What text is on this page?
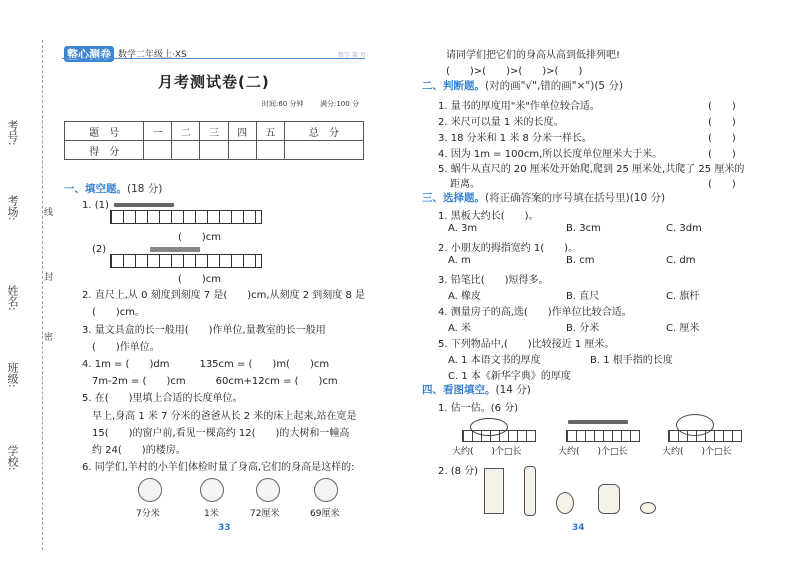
考号:
考场:
姓名:
班级:
学校:
线
封
密
整心测卷 数学二年级上·XS	数学 第 页
月考测试卷(二)
时间:60 分钟 满分:100 分
题　号	一	二	三	四	五	总　分
得　分						
一、填空题。(18 分)
1. (1)
(　　)cm
(2)
(　　)cm
2. 直尺上,从 0 刻度到刻度 7 是(　　)cm,从刻度 2 到刻度 8 是
(　　)cm。
3. 量文具盒的长一般用(　　)作单位,量教室的长一般用
(　　)作单位。
4. 1m = (　　)dm　　　135cm = (　　)m(　　)cm
7m-2m = (　　)cm　　　60cm+12cm = (　　)cm
5. 在(　　)里填上合适的长度单位。
早上,身高 1 米 7 分米的爸爸从长 2 米的床上起来,站在宽是
15(　　)的窗户前,看见一棵高约 12(　　)的大树和一幢高
约 24(　　)的楼房。
6. 同学们,羊村的小羊们体检时量了身高,它们的身高是这样的:
7分米	1米	72厘米	69厘米
33
请同学们把它们的身高从高到低排列吧!
(　　)>(　　)>(　　)>(　　)
二、判断题。(对的画"√",错的画"×")(5 分)
1. 量书的厚度用"米"作单位较合适。	(　　)
2. 米尺可以量 1 米的长度。	(　　)
3. 18 分米和 1 米 8 分米一样长。	(　　)
4. 因为 1m = 100cm,所以长度单位厘米大于米。	(　　)
5. 蜗牛从直尺的 20 厘米处开始爬,爬到 25 厘米处,共爬了 25 厘米的
距离。	(　　)
三、选择题。(将正确答案的序号填在括号里)(10 分)
1. 黑板大约长(　　)。
A. 3m	B. 3cm	C. 3dm
2. 小朋友的拇指宽约 1(　　)。
A. m	B. cm	C. dm
3. 铅笔比(　　)短得多。
A. 橡皮	B. 直尺	C. 旗杆
4. 测量房子的高,选(　　)作单位比较合适。
A. 米	B. 分米	C. 厘米
5. 下列物品中,(　　)比较接近 1 厘米。
A. 1 本语文书的厚度	B. 1 根手指的长度
C. 1 本《新华字典》的厚度
四、看图填空。(14 分)
1. 估一估。(6 分)
大约(　　)个□长	大约(　　)个□长	大约(　　)个□长
2. (8 分)
34
